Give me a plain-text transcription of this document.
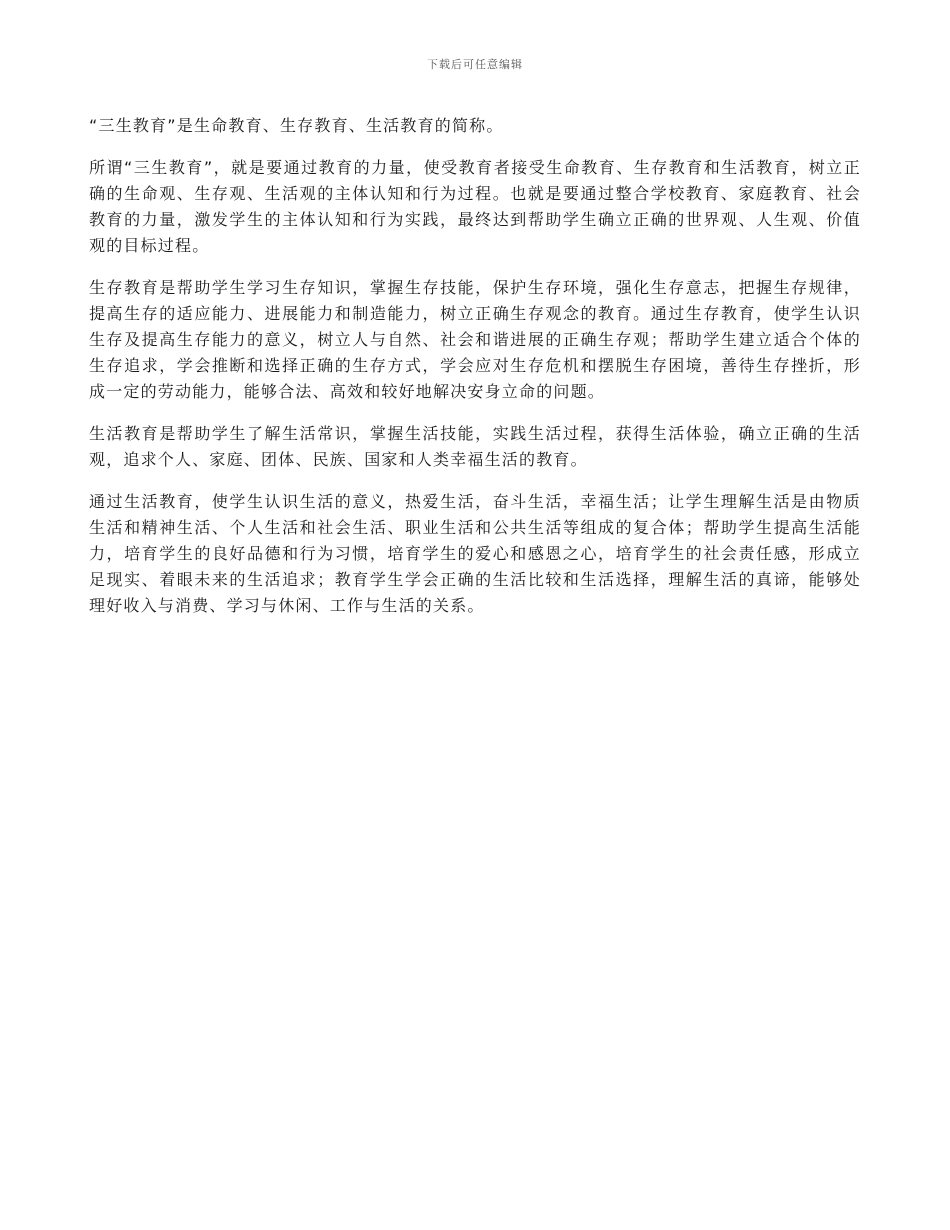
下载后可任意编辑

“三生教育”是生命教育、生存教育、生活教育的简称。

所谓“三生教育”，就是要通过教育的力量，使受教育者接受生命教育、生存教育和生活教育，树立正确的生命观、生存观、生活观的主体认知和行为过程。也就是要通过整合学校教育、家庭教育、社会教育的力量，激发学生的主体认知和行为实践，最终达到帮助学生确立正确的世界观、人生观、价值观的目标过程。

生存教育是帮助学生学习生存知识，掌握生存技能，保护生存环境，强化生存意志，把握生存规律，提高生存的适应能力、进展能力和制造能力，树立正确生存观念的教育。通过生存教育，使学生认识生存及提高生存能力的意义，树立人与自然、社会和谐进展的正确生存观；帮助学生建立适合个体的生存追求，学会推断和选择正确的生存方式，学会应对生存危机和摆脱生存困境，善待生存挫折，形成一定的劳动能力，能够合法、高效和较好地解决安身立命的问题。

生活教育是帮助学生了解生活常识，掌握生活技能，实践生活过程，获得生活体验，确立正确的生活观，追求个人、家庭、团体、民族、国家和人类幸福生活的教育。

通过生活教育，使学生认识生活的意义，热爱生活，奋斗生活，幸福生活；让学生理解生活是由物质生活和精神生活、个人生活和社会生活、职业生活和公共生活等组成的复合体；帮助学生提高生活能力，培育学生的良好品德和行为习惯，培育学生的爱心和感恩之心，培育学生的社会责任感，形成立足现实、着眼未来的生活追求；教育学生学会正确的生活比较和生活选择，理解生活的真谛，能够处理好收入与消费、学习与休闲、工作与生活的关系。
